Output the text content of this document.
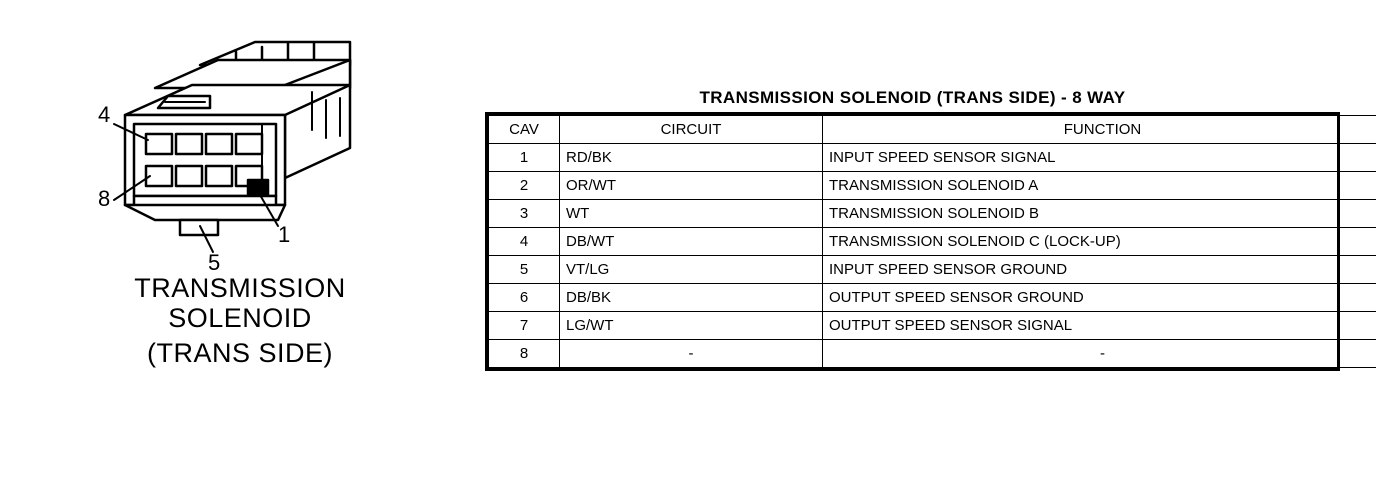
4
8
5
1
TRANSMISSION
SOLENOID
(TRANS SIDE)
TRANSMISSION SOLENOID (TRANS SIDE) - 8 WAY
CAV	CIRCUIT	FUNCTION
1	RD/BK	INPUT SPEED SENSOR SIGNAL
2	OR/WT	TRANSMISSION SOLENOID A
3	WT	TRANSMISSION SOLENOID B
4	DB/WT	TRANSMISSION SOLENOID C (LOCK-UP)
5	VT/LG	INPUT SPEED SENSOR GROUND
6	DB/BK	OUTPUT SPEED SENSOR GROUND
7	LG/WT	OUTPUT SPEED SENSOR SIGNAL
8	-	-
